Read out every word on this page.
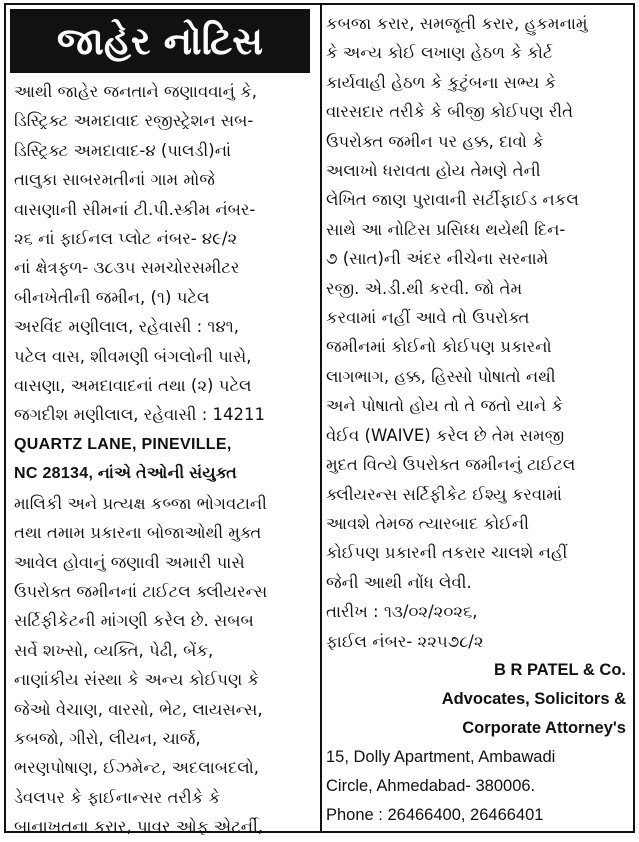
જાહેર નોટિસ
આથી જાહેર જનતાને જણાવવાનું કે,
ડિસ્ટ્રિક્ટ અમદાવાદ રજીસ્ટ્રેશન સબ-
ડિસ્ટ્રિક્ટ અમદાવાદ-૪ (પાલડી)નાં
તાલુકા સાબરમતીનાં ગામ મોજે
વાસણાની સીમનાં ટી.પી.સ્કીમ નંબર-
૨૬ નાં ફાઈનલ પ્લોટ નંબર- ૪૯/૨
નાં ક્ષેત્રફળ- ૩૮૩૫ સમચોરસમીટર
બીનખેતીની જમીન, (૧) પટેલ
અરવિંદ મણીલાલ, રહેવાસી : ૧૪૧,
પટેલ વાસ, શીવમણી બંગલોની પાસે,
વાસણા, અમદાવાદનાં તથા (૨) પટેલ
જગદીશ મણીલાલ, રહેવાસી : 14211
QUARTZ LANE, PINEVILLE,
NC 28134, નાંએ તેઓની સંયુક્ત
માલિકી અને પ્રત્યક્ષ કબ્જા ભોગવટાની
તથા તમામ પ્રકારના બોજાઓથી મુક્ત
આવેલ હોવાનું જણાવી અમારી પાસે
ઉપરોક્ત જમીનનાં ટાઈટલ ક્લીયરન્સ
સર્ટિફીકેટની માંગણી કરેલ છે. સબબ
સર્વે શખ્સો, વ્યક્તિ, પેઢી, બેંક,
નાણાંકીય સંસ્થા કે અન્ય કોઈપણ કે
જેઓ વેચાણ, વારસો, ભેટ, લાયસન્સ,
કબજો, ગીરો, લીયન, ચાર્જ,
ભરણપોષાણ, ઈઝમેન્ટ, અદલાબદલો,
ડેવલપર કે ફાઈનાન્સર તરીકે કે
બાનાખતના કરાર, પાવર ઓફ એટર્ની,
કબજા કરાર, સમજૂતી કરાર, હુકમનામું
કે અન્ય કોઈ લખાણ હેઠળ કે કોર્ટ
કાર્યવાહી હેઠળ કે કુટુંબના સભ્ય કે
વારસદાર તરીકે કે બીજી કોઈપણ રીતે
ઉપરોક્ત જમીન પર હક્ક, દાવો કે
અલાખો ધરાવતા હોય તેમણે તેની
લેખિત જાણ પુરાવાની સર્ટીફાઈડ નકલ
સાથે આ નોટિસ પ્રસિધ્ધ થયેથી દિન-
૭ (સાત)ની અંદર નીચેના સરનામે
રજી. એ.ડી.થી કરવી. જો તેમ
કરવામાં નહીં આવે તો ઉપરોક્ત
જમીનમાં કોઈનો કોઈપણ પ્રકારનો
લાગભાગ, હક્ક, હિસ્સો પોષાતો નથી
અને પોષાતો હોય તો તે જતો યાને કે
વેઈવ (WAIVE) કરેલ છે તેમ સમજી
મુદત વિત્યે ઉપરોક્ત જમીનનું ટાઈટલ
ક્લીયરન્સ સર્ટિફીકેટ ઈશ્યુ કરવામાં
આવશે તેમજ ત્યારબાદ કોઈની
કોઈપણ પ્રકારની તકરાર ચાલશે નહીં
જેની આથી નોંધ લેવી.
તારીખ : ૧૩/૦૨/૨૦૨૬,
ફાઈલ નંબર- ૨૨૫૭૮/૨
B R PATEL & Co.
Advocates, Solicitors &
Corporate Attorney's
15, Dolly Apartment, Ambawadi
Circle, Ahmedabad- 380006.
Phone : 26466400, 26466401
